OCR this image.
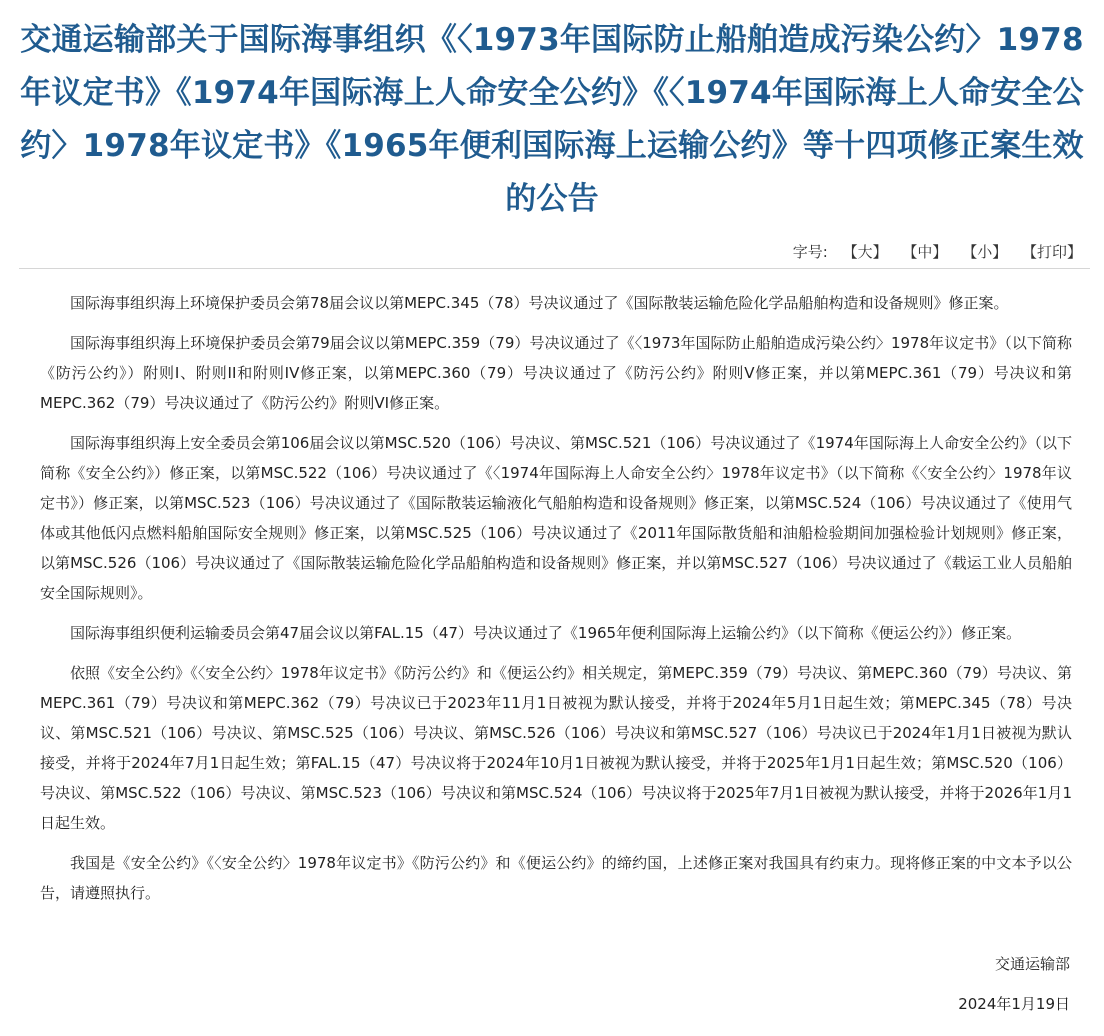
交通运输部关于国际海事组织《〈1973年国际防止船舶造成污染公约〉1978年议定书》《1974年国际海上人命安全公约》《〈1974年国际海上人命安全公约〉1978年议定书》《1965年便利国际海上运输公约》等十四项修正案生效的公告
字号: 【大】 【中】 【小】 【打印】

国际海事组织海上环境保护委员会第78届会议以第MEPC.345（78）号决议通过了《国际散装运输危险化学品船舶构造和设备规则》修正案。

国际海事组织海上环境保护委员会第79届会议以第MEPC.359（79）号决议通过了《〈1973年国际防止船舶造成污染公约〉1978年议定书》（以下简称《防污公约》）附则I、附则II和附则IV修正案，以第MEPC.360（79）号决议通过了《防污公约》附则V修正案，并以第MEPC.361（79）号决议和第MEPC.362（79）号决议通过了《防污公约》附则VI修正案。

国际海事组织海上安全委员会第106届会议以第MSC.520（106）号决议、第MSC.521（106）号决议通过了《1974年国际海上人命安全公约》（以下简称《安全公约》）修正案，以第MSC.522（106）号决议通过了《〈1974年国际海上人命安全公约〉1978年议定书》（以下简称《〈安全公约〉1978年议定书》）修正案，以第MSC.523（106）号决议通过了《国际散装运输液化气船舶构造和设备规则》修正案，以第MSC.524（106）号决议通过了《使用气体或其他低闪点燃料船舶国际安全规则》修正案，以第MSC.525（106）号决议通过了《2011年国际散货船和油船检验期间加强检验计划规则》修正案，以第MSC.526（106）号决议通过了《国际散装运输危险化学品船舶构造和设备规则》修正案，并以第MSC.527（106）号决议通过了《载运工业人员船舶安全国际规则》。

国际海事组织便利运输委员会第47届会议以第FAL.15（47）号决议通过了《1965年便利国际海上运输公约》（以下简称《便运公约》）修正案。

依照《安全公约》《〈安全公约〉1978年议定书》《防污公约》和《便运公约》相关规定，第MEPC.359（79）号决议、第MEPC.360（79）号决议、第MEPC.361（79）号决议和第MEPC.362（79）号决议已于2023年11月1日被视为默认接受，并将于2024年5月1日起生效；第MEPC.345（78）号决议、第MSC.521（106）号决议、第MSC.525（106）号决议、第MSC.526（106）号决议和第MSC.527（106）号决议已于2024年1月1日被视为默认接受，并将于2024年7月1日起生效；第FAL.15（47）号决议将于2024年10月1日被视为默认接受，并将于2025年1月1日起生效；第MSC.520（106）号决议、第MSC.522（106）号决议、第MSC.523（106）号决议和第MSC.524（106）号决议将于2025年7月1日被视为默认接受，并将于2026年1月1日起生效。

我国是《安全公约》《〈安全公约〉1978年议定书》《防污公约》和《便运公约》的缔约国，上述修正案对我国具有约束力。现将修正案的中文本予以公告，请遵照执行。

交通运输部
2024年1月19日
